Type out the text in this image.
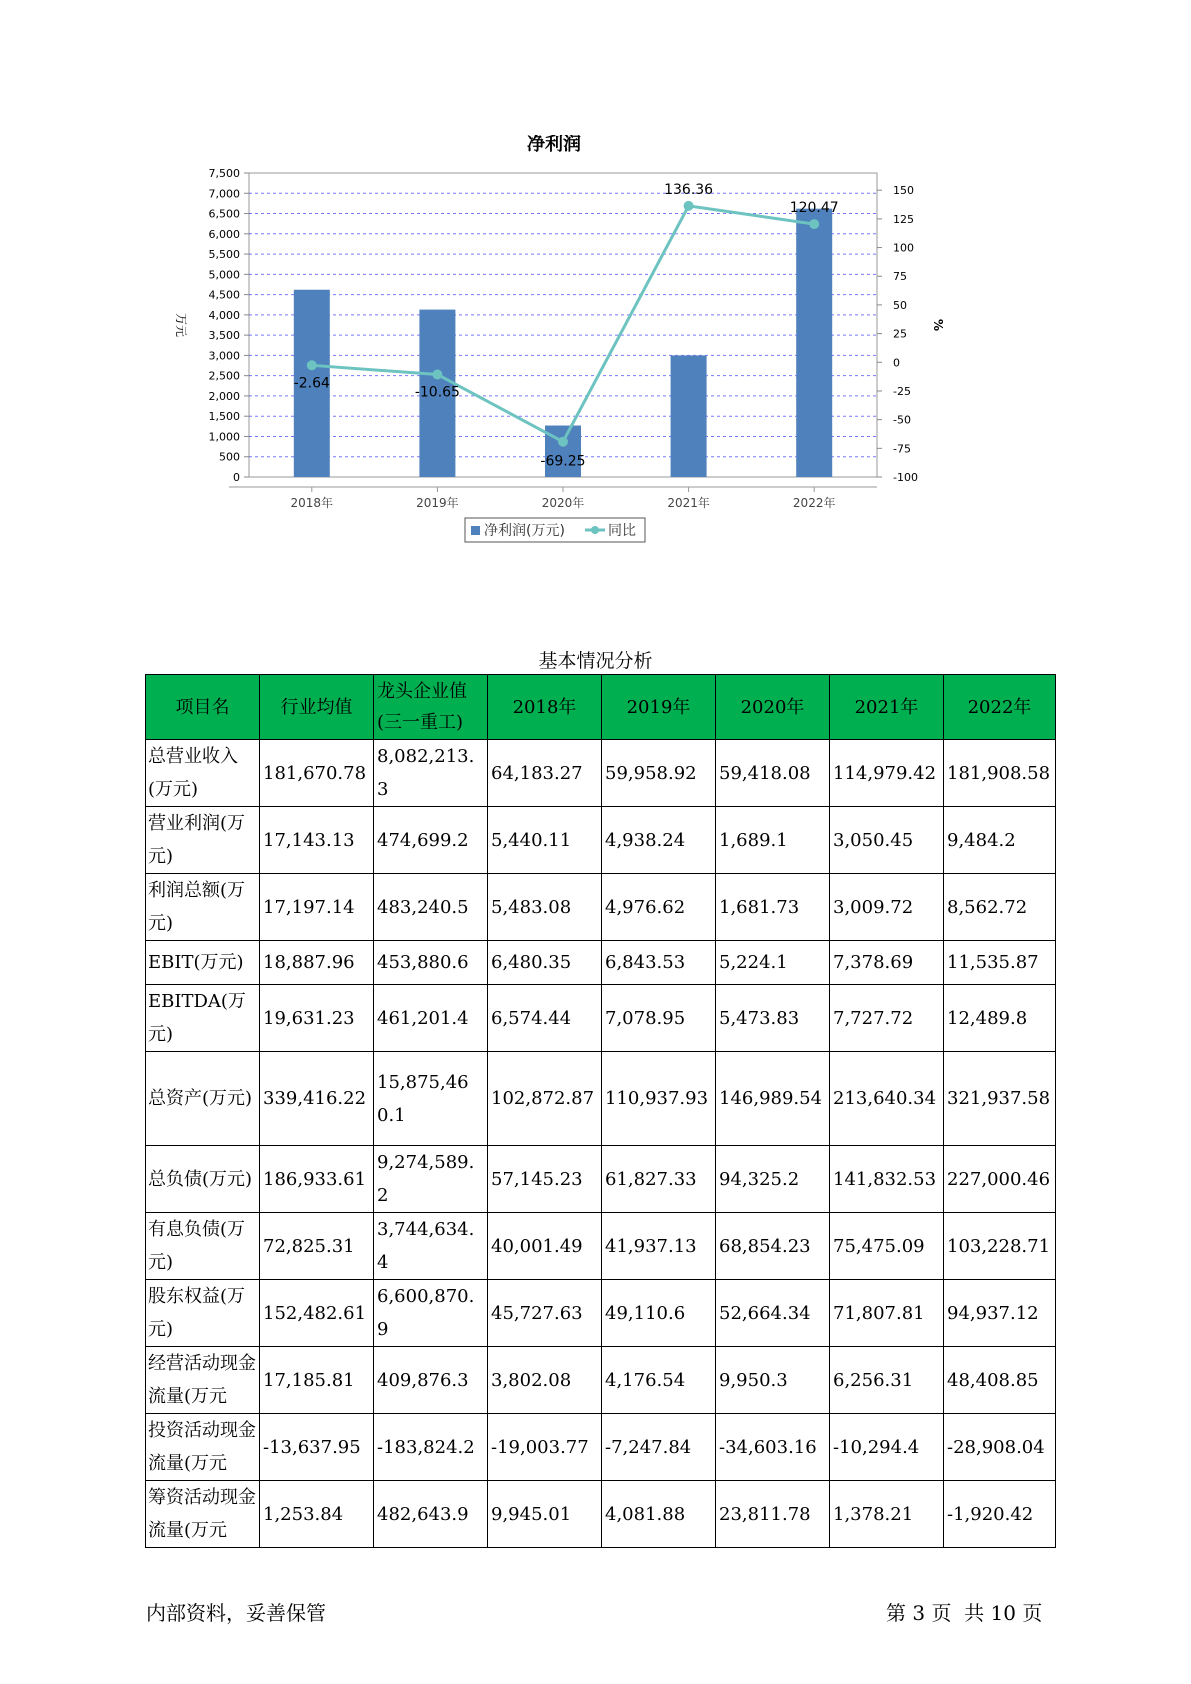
净利润
0
500
1,000
1,500
2,000
2,500
3,000
3,500
4,000
4,500
5,000
5,500
6,000
6,500
7,000
7,500
-100
-75
-50
-25
0
25
50
75
100
125
150
万元	%
2018年	2019年	2020年	2021年	2022年
-2.64
-10.65
-69.25
136.36
120.47
净利润(万元)	同比
基本情况分析
项目名	行业均值	龙头企业值(三一重工)	2018年	2019年	2020年	2021年	2022年
总营业收入(万元)	181,670.78	8,082,213.3	64,183.27	59,958.92	59,418.08	114,979.42	181,908.58
营业利润(万元)	17,143.13	474,699.2	5,440.11	4,938.24	1,689.1	3,050.45	9,484.2
利润总额(万元)	17,197.14	483,240.5	5,483.08	4,976.62	1,681.73	3,009.72	8,562.72
EBIT(万元)	18,887.96	453,880.6	6,480.35	6,843.53	5,224.1	7,378.69	11,535.87
EBITDA(万元)	19,631.23	461,201.4	6,574.44	7,078.95	5,473.83	7,727.72	12,489.8
总资产(万元)	339,416.22	15,875,460.1	102,872.87	110,937.93	146,989.54	213,640.34	321,937.58
总负债(万元)	186,933.61	9,274,589.2	57,145.23	61,827.33	94,325.2	141,832.53	227,000.46
有息负债(万元)	72,825.31	3,744,634.4	40,001.49	41,937.13	68,854.23	75,475.09	103,228.71
股东权益(万元)	152,482.61	6,600,870.9	45,727.63	49,110.6	52,664.34	71,807.81	94,937.12
经营活动现金流量(万元	17,185.81	409,876.3	3,802.08	4,176.54	9,950.3	6,256.31	48,408.85
投资活动现金流量(万元	-13,637.95	-183,824.2	-19,003.77	-7,247.84	-34,603.16	-10,294.4	-28,908.04
筹资活动现金流量(万元	1,253.84	482,643.9	9,945.01	4,081.88	23,811.78	1,378.21	-1,920.42
内部资料，妥善保管	第 3 页  共 10 页
